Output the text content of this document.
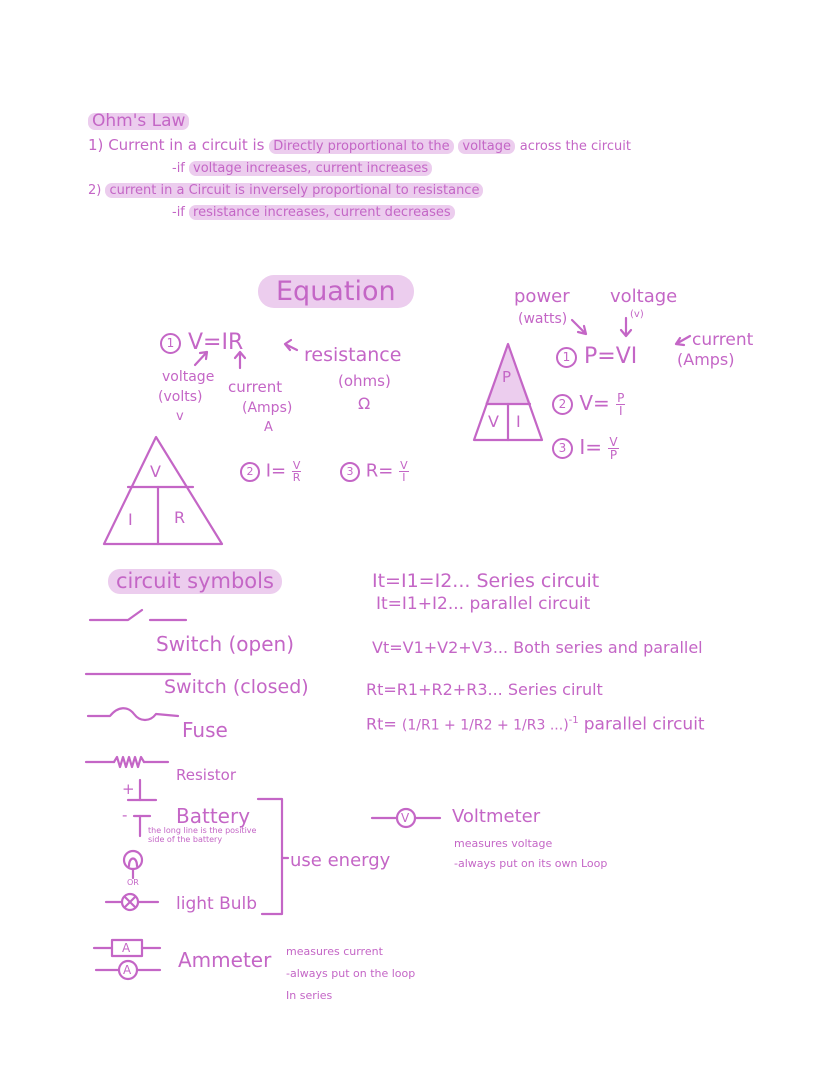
Ohm's Law
1) Current in a circuit is Directly proportional to the voltage across the circuit
-if voltage increases, current increases
2) current in a Circuit is inversely proportional to resistance
-if resistance increases, current decreases
Equation
1 V=IR	resistance
(ohms)
Ω
voltage
(volts)
v
current
(Amps)
A
2 $I= \frac{V}{R}$	3 $R= \frac{V}{I}$
V
I	R
power
(watts)
voltage
(v)
current
(Amps)
1 P=VI
2 $V= \frac{P}{I}$
3 $I= \frac{V}{P}$
P
V I
circuit symbols
Switch (open)
Switch (closed)
Fuse
Resistor
+
- Battery
the long line is the positive side of the battery
OR
light Bulb
use energy
A
A Ammeter measures current
-always put on the loop
In series
V Voltmeter
measures voltage
-always put on its own Loop
It=I1=I2... Series circuit
It=I1+I2... parallel circuit
Vt=V1+V2+V3... Both series and parallel
Rt=R1+R2+R3... Series cirult
Rt= (1/R1 + 1/R2 + 1/R3 ...)$^{-1}$ parallel circuit
